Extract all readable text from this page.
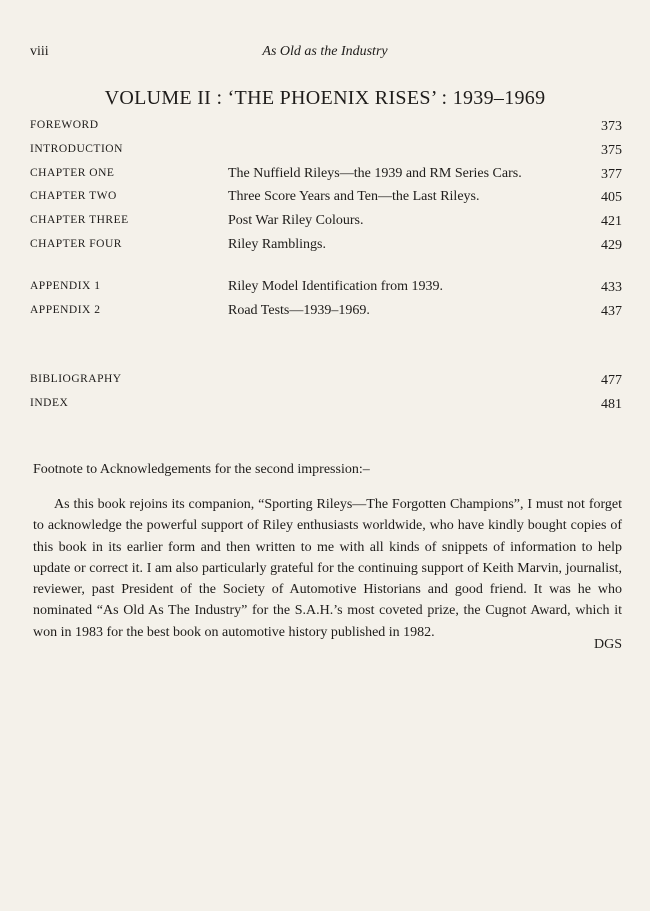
viii	As Old as the Industry
VOLUME II : ‘THE PHOENIX RISES’ : 1939–1969
FOREWORD	373
INTRODUCTION	375
CHAPTER ONE	The Nuffield Rileys—the 1939 and RM Series Cars.	377
CHAPTER TWO	Three Score Years and Ten—the Last Rileys.	405
CHAPTER THREE	Post War Riley Colours.	421
CHAPTER FOUR	Riley Ramblings.	429
APPENDIX 1	Riley Model Identification from 1939.	433
APPENDIX 2	Road Tests—1939–1969.	437
BIBLIOGRAPHY	477
INDEX	481
Footnote to Acknowledgements for the second impression:–

As this book rejoins its companion, “Sporting Rileys—The Forgotten Champions”, I must not forget to acknowledge the powerful support of Riley enthusiasts worldwide, who have kindly bought copies of this book in its earlier form and then written to me with all kinds of snippets of information to help update or correct it. I am also particularly grateful for the continuing support of Keith Marvin, journalist, reviewer, past President of the Society of Automotive Historians and good friend. It was he who nominated “As Old As The Industry” for the S.A.H.’s most coveted prize, the Cugnot Award, which it won in 1983 for the best book on automotive history published in 1982.

DGS
